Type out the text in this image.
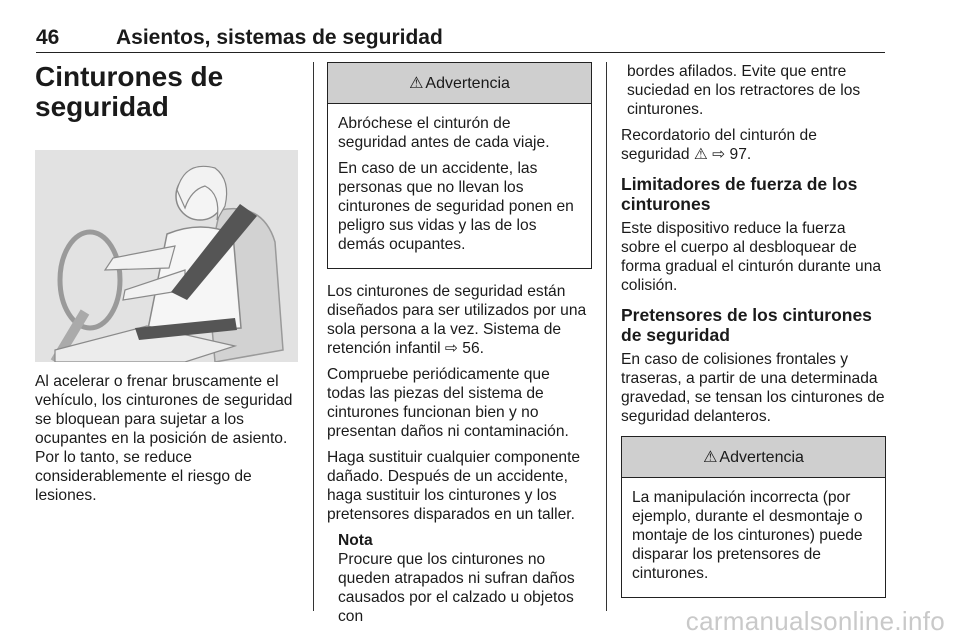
46	Asientos, sistemas de seguridad
Cinturones de seguridad

Al acelerar o frenar bruscamente el vehículo, los cinturones de seguridad se bloquean para sujetar a los ocupantes en la posición de asiento. Por lo tanto, se reduce considerablemente el riesgo de lesiones.

⚠ Advertencia

Abróchese el cinturón de seguridad antes de cada viaje.

En caso de un accidente, las personas que no llevan los cinturones de seguridad ponen en peligro sus vidas y las de los demás ocupantes.

Los cinturones de seguridad están diseñados para ser utilizados por una sola persona a la vez. Sistema de retención infantil ⇨ 56.

Compruebe periódicamente que todas las piezas del sistema de cinturones funcionan bien y no presentan daños ni contaminación.

Haga sustituir cualquier componente dañado. Después de un accidente, haga sustituir los cinturones y los pretensores disparados en un taller.

Nota
Procure que los cinturones no queden atrapados ni sufran daños causados por el calzado u objetos con

bordes afilados. Evite que entre suciedad en los retractores de los cinturones.

Recordatorio del cinturón de seguridad ⚠ ⇨ 97.

Limitadores de fuerza de los cinturones

Este dispositivo reduce la fuerza sobre el cuerpo al desbloquear de forma gradual el cinturón durante una colisión.

Pretensores de los cinturones de seguridad

En caso de colisiones frontales y traseras, a partir de una determinada gravedad, se tensan los cinturones de seguridad delanteros.

⚠ Advertencia

La manipulación incorrecta (por ejemplo, durante el desmontaje o montaje de los cinturones) puede disparar los pretensores de cinturones.

carmanualsonline.info
